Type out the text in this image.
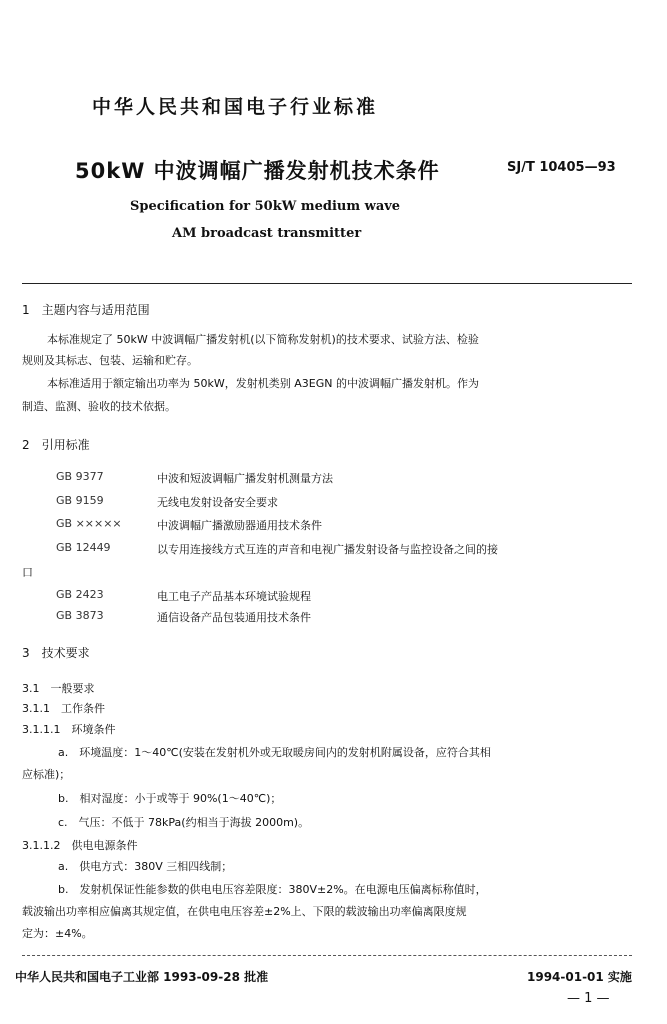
中华人民共和国电子行业标准
50kW 中波调幅广播发射机技术条件	SJ/T 10405—93
Specification for 50kW medium wave
AM broadcast transmitter
1　主题内容与适用范围
本标准规定了 50kW 中波调幅广播发射机(以下简称发射机)的技术要求、试验方法、检验
规则及其标志、包装、运输和贮存。
本标准适用于额定输出功率为 50kW，发射机类别 A3EGN 的中波调幅广播发射机。作为
制造、监测、验收的技术依据。
2　引用标准
GB 9377	中波和短波调幅广播发射机测量方法
GB 9159	无线电发射设备安全要求
GB ×××××	中波调幅广播激励器通用技术条件
GB 12449	以专用连接线方式互连的声音和电视广播发射设备与监控设备之间的接
口
GB 2423	电工电子产品基本环境试验规程
GB 3873	通信设备产品包装通用技术条件
3　技术要求
3.1　一般要求
3.1.1　工作条件
3.1.1.1　环境条件
a.　环境温度：1～40℃(安装在发射机外或无取暖房间内的发射机附属设备，应符合其相
应标准)；
b.　相对湿度：小于或等于 90%(1～40℃)；
c.　气压：不低于 78kPa(约相当于海拔 2000m)。
3.1.1.2　供电电源条件
a.　供电方式：380V 三相四线制；
b.　发射机保证性能参数的供电电压容差限度：380V±2%。在电源电压偏离标称值时，
载波输出功率相应偏离其规定值，在供电电压容差±2%上、下限的载波输出功率偏离限度规
定为：±4%。
中华人民共和国电子工业部 1993-09-28 批准	1994-01-01 实施
— 1 —
